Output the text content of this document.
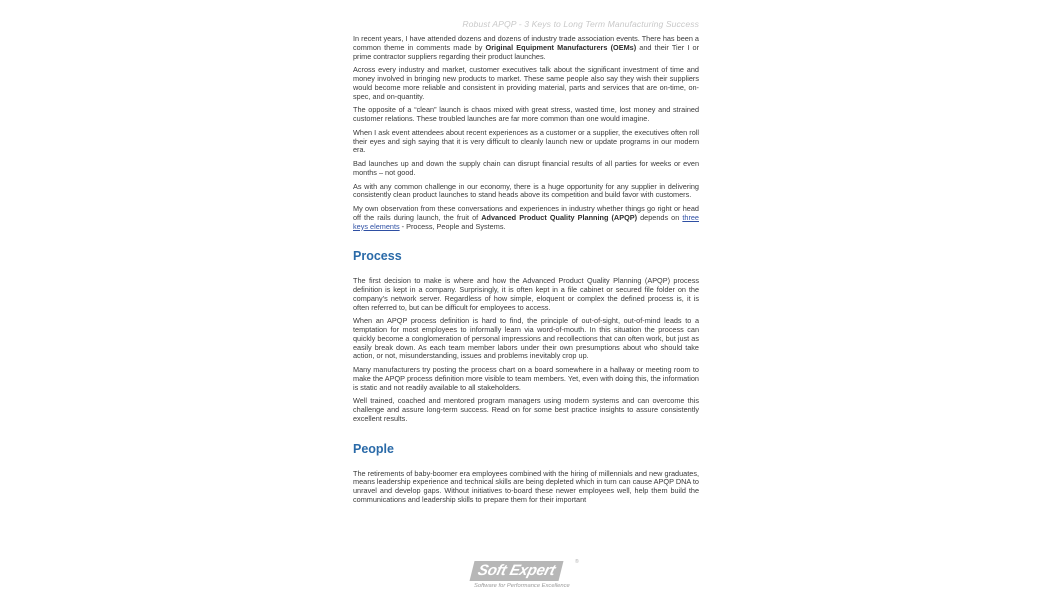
Robust APQP - 3 Keys to Long Term Manufacturing Success

In recent years, I have attended dozens and dozens of industry trade association events. There has been a common theme in comments made by Original Equipment Manufacturers (OEMs) and their Tier I or prime contractor suppliers regarding their product launches.

Across every industry and market, customer executives talk about the significant investment of time and money involved in bringing new products to market. These same people also say they wish their suppliers would become more reliable and consistent in providing material, parts and services that are on-time, on-spec, and on-quantity.

The opposite of a “clean” launch is chaos mixed with great stress, wasted time, lost money and strained customer relations. These troubled launches are far more common than one would imagine.

When I ask event attendees about recent experiences as a customer or a supplier, the executives often roll their eyes and sigh saying that it is very difficult to cleanly launch new or update programs in our modern era.

Bad launches up and down the supply chain can disrupt financial results of all parties for weeks or even months – not good.

As with any common challenge in our economy, there is a huge opportunity for any supplier in delivering consistently clean product launches to stand heads above its competition and build favor with customers.

My own observation from these conversations and experiences in industry whether things go right or head off the rails during launch, the fruit of Advanced Product Quality Planning (APQP) depends on three keys elements - Process, People and Systems.

Process

The first decision to make is where and how the Advanced Product Quality Planning (APQP) process definition is kept in a company. Surprisingly, it is often kept in a file cabinet or secured file folder on the company’s network server. Regardless of how simple, eloquent or complex the defined process is, it is often referred to, but can be difficult for employees to access.

When an APQP process definition is hard to find, the principle of out-of-sight, out-of-mind leads to a temptation for most employees to informally learn via word-of-mouth. In this situation the process can quickly become a conglomeration of personal impressions and recollections that can often work, but just as easily break down. As each team member labors under their own presumptions about who should take action, or not, misunderstanding, issues and problems inevitably crop up.

Many manufacturers try posting the process chart on a board somewhere in a hallway or meeting room to make the APQP process definition more visible to team members. Yet, even with doing this, the information is static and not readily available to all stakeholders.

Well trained, coached and mentored program managers using modern systems and can overcome this challenge and assure long-term success. Read on for some best practice insights to assure consistently excellent results.

People

The retirements of baby-boomer era employees combined with the hiring of millennials and new graduates, means leadership experience and technical skills are being depleted which in turn can cause APQP DNA to unravel and develop gaps. Without initiatives to-board these newer employees well, help them build the communications and leadership skills to prepare them for their important

Soft Expert	®
Software for Performance Excellence
